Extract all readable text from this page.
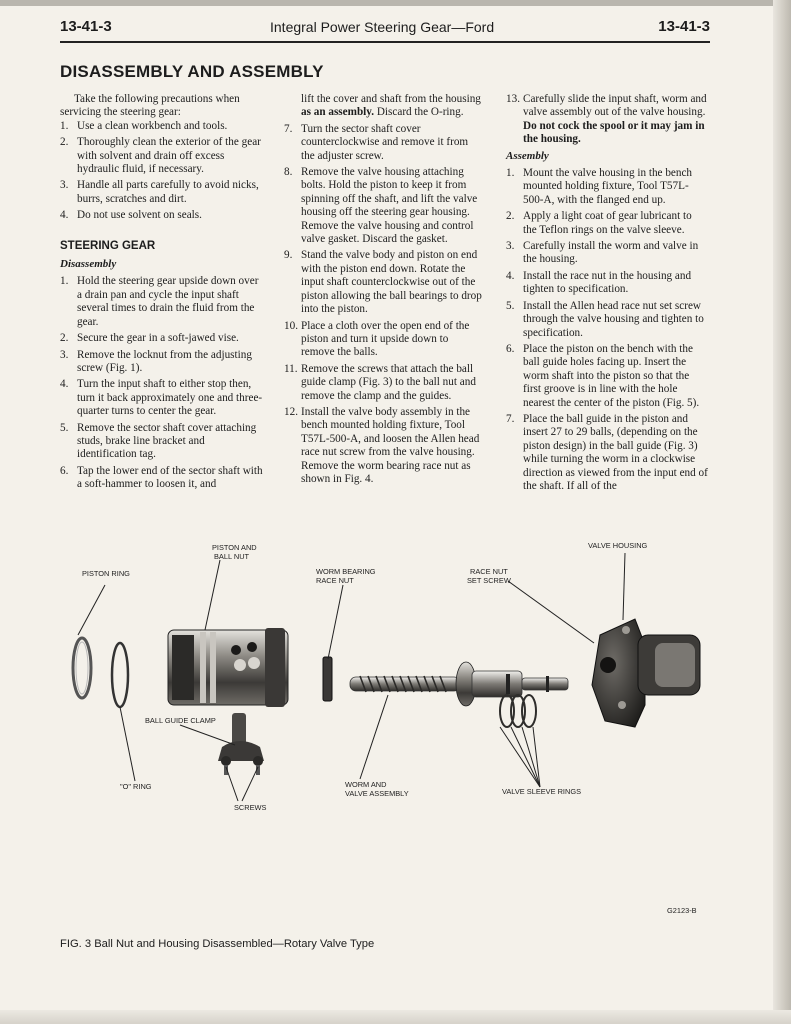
13-41-3	Integral Power Steering Gear—Ford	13-41-3
DISASSEMBLY AND ASSEMBLY

Take the following precautions when servicing the steering gear:

1. Use a clean workbench and tools.
2. Thoroughly clean the exterior of the gear with solvent and drain off excess hydraulic fluid, if necessary.
3. Handle all parts carefully to avoid nicks, burrs, scratches and dirt.
4. Do not use solvent on seals.
STEERING GEAR
Disassembly
1. Hold the steering gear upside down over a drain pan and cycle the input shaft several times to drain the fluid from the gear.
2. Secure the gear in a soft-jawed vise.
3. Remove the locknut from the adjusting screw (Fig. 1).
4. Turn the input shaft to either stop then, turn it back approximately one and three-quarter turns to center the gear.
5. Remove the sector shaft cover attaching studs, brake line bracket and identification tag.
6. Tap the lower end of the sector shaft with a soft-hammer to loosen it, and

lift the cover and shaft from the housing as an assembly. Discard the O-ring.

7. Turn the sector shaft cover counterclockwise and remove it from the adjuster screw.
8. Remove the valve housing attaching bolts. Hold the piston to keep it from spinning off the shaft, and lift the valve housing off the steering gear housing. Remove the valve housing and control valve gasket. Discard the gasket.
9. Stand the valve body and piston on end with the piston end down. Rotate the input shaft counterclockwise out of the piston allowing the ball bearings to drop into the piston.
10. Place a cloth over the open end of the piston and turn it upside down to remove the balls.
11. Remove the screws that attach the ball guide clamp (Fig. 3) to the ball nut and remove the clamp and the guides.
12. Install the valve body assembly in the bench mounted holding fixture, Tool T57L-500-A, and loosen the Allen head race nut screw from the valve housing. Remove the worm bearing race nut as shown in Fig. 4.
13. Carefully slide the input shaft, worm and valve assembly out of the valve housing. Do not cock the spool or it may jam in the housing.
Assembly
1. Mount the valve housing in the bench mounted holding fixture, Tool T57L-500-A, with the flanged end up.
2. Apply a light coat of gear lubricant to the Teflon rings on the valve sleeve.
3. Carefully install the worm and valve in the housing.
4. Install the race nut in the housing and tighten to specification.
5. Install the Allen head race nut set screw through the valve housing and tighten to specification.
6. Place the piston on the bench with the ball guide holes facing up. Insert the worm shaft into the piston so that the first groove is in line with the hole nearest the center of the piston (Fig. 5).
7. Place the ball guide in the piston and insert 27 to 29 balls, (depending on the piston design) in the ball guide (Fig. 3) while turning the worm in a clockwise direction as viewed from the input end of the shaft. If all of the
PISTON AND
BALL NUT
PISTON RING	WORM BEARING
RACE NUT
RACE NUT
SET SCREW
VALVE HOUSING
BALL GUIDE CLAMP
"O" RING
SCREWS
WORM AND
VALVE ASSEMBLY	VALVE SLEEVE RINGS
G2123-B
FIG. 3 Ball Nut and Housing Disassembled—Rotary Valve Type
